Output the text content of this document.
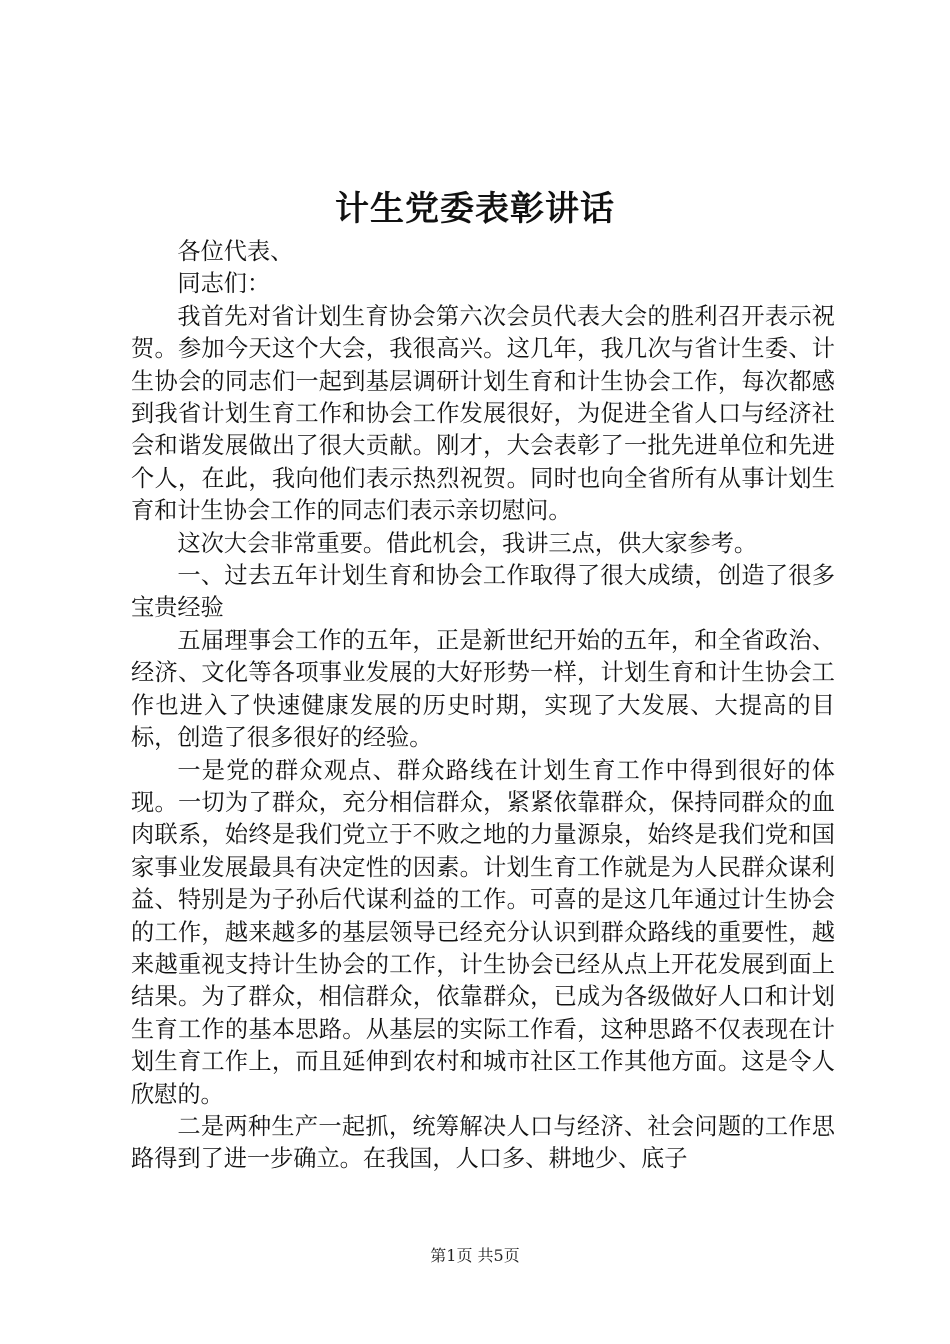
计生党委表彰讲话

各位代表、

同志们：

我首先对省计划生育协会第六次会员代表大会的胜利召开表示祝贺。参加今天这个大会，我很高兴。这几年，我几次与省计生委、计生协会的同志们一起到基层调研计划生育和计生协会工作，每次都感到我省计划生育工作和协会工作发展很好，为促进全省人口与经济社会和谐发展做出了很大贡献。刚才，大会表彰了一批先进单位和先进个人，在此，我向他们表示热烈祝贺。同时也向全省所有从事计划生育和计生协会工作的同志们表示亲切慰问。

这次大会非常重要。借此机会，我讲三点，供大家参考。

一、过去五年计划生育和协会工作取得了很大成绩，创造了很多宝贵经验

五届理事会工作的五年，正是新世纪开始的五年，和全省政治、经济、文化等各项事业发展的大好形势一样，计划生育和计生协会工作也进入了快速健康发展的历史时期，实现了大发展、大提高的目标，创造了很多很好的经验。

一是党的群众观点、群众路线在计划生育工作中得到很好的体现。一切为了群众，充分相信群众，紧紧依靠群众，保持同群众的血肉联系，始终是我们党立于不败之地的力量源泉，始终是我们党和国家事业发展最具有决定性的因素。计划生育工作就是为人民群众谋利益、特别是为子孙后代谋利益的工作。可喜的是这几年通过计生协会的工作，越来越多的基层领导已经充分认识到群众路线的重要性，越来越重视支持计生协会的工作，计生协会已经从点上开花发展到面上结果。为了群众，相信群众，依靠群众，已成为各级做好人口和计划生育工作的基本思路。从基层的实际工作看，这种思路不仅表现在计划生育工作上，而且延伸到农村和城市社区工作其他方面。这是令人欣慰的。

二是两种生产一起抓，统筹解决人口与经济、社会问题的工作思路得到了进一步确立。在我国，人口多、耕地少、底子

第1页 共5页
